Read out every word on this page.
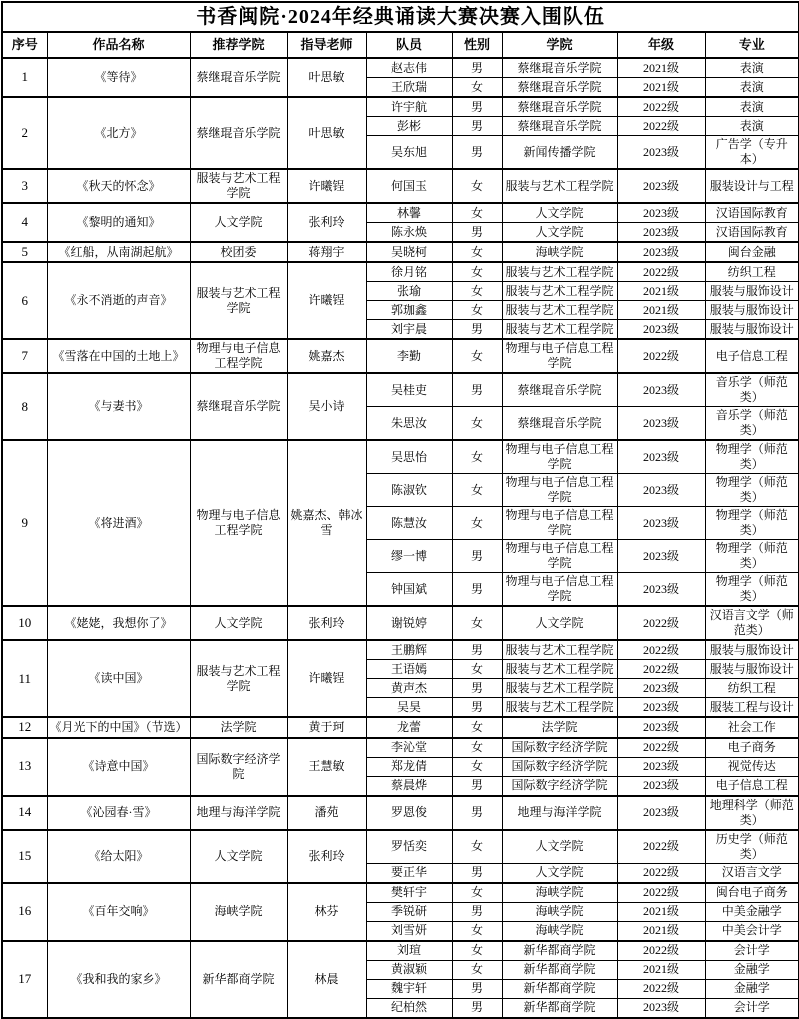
书香闽院·2024年经典诵读大赛决赛入围队伍								
序号	作品名称	推荐学院	指导老师	队员	性别	学院	年级	专业
1	《等待》	蔡继琨音乐学院	叶思敏	赵志伟	男	蔡继琨音乐学院	2021级	表演
				王欣瑞	女	蔡继琨音乐学院	2021级	表演
2	《北方》	蔡继琨音乐学院	叶思敏	许宇航	男	蔡继琨音乐学院	2022级	表演
				彭彬	男	蔡继琨音乐学院	2022级	表演
				吴东旭	男	新闻传播学院	2023级	广告学（专升本）
3	《秋天的怀念》	服装与艺术工程学院	许曦锃	何国玉	女	服装与艺术工程学院	2023级	服装设计与工程
4	《黎明的通知》	人文学院	张利玲	林馨	女	人文学院	2023级	汉语国际教育
				陈永焕	男	人文学院	2023级	汉语国际教育
5	《红船，从南湖起航》	校团委	蒋翔宇	吴晓柯	女	海峡学院	2023级	闽台金融
6	《永不消逝的声音》	服装与艺术工程学院	许曦锃	徐月铭	女	服装与艺术工程学院	2022级	纺织工程
				张瑜	女	服装与艺术工程学院	2021级	服装与服饰设计
				郭珈鑫	女	服装与艺术工程学院	2021级	服装与服饰设计
				刘宇晨	男	服装与艺术工程学院	2023级	服装与服饰设计
7	《雪落在中国的土地上》	物理与电子信息工程学院	姚嘉杰	李勤	女	物理与电子信息工程学院	2022级	电子信息工程
8	《与妻书》	蔡继琨音乐学院	吴小诗	吴桂吏	男	蔡继琨音乐学院	2023级	音乐学（师范类）
				朱思汝	女	蔡继琨音乐学院	2023级	音乐学（师范类）
9	《将进酒》	物理与电子信息工程学院	姚嘉杰、韩冰雪	吴思怡	女	物理与电子信息工程学院	2023级	物理学（师范类）
				陈淑钦	女	物理与电子信息工程学院	2023级	物理学（师范类）
				陈慧汝	女	物理与电子信息工程学院	2023级	物理学（师范类）
				缪一博	男	物理与电子信息工程学院	2023级	物理学（师范类）
				钟国斌	男	物理与电子信息工程学院	2023级	物理学（师范类）
10	《姥姥，我想你了》	人文学院	张利玲	谢锐婷	女	人文学院	2022级	汉语言文学（师范类）
11	《读中国》	服装与艺术工程学院	许曦锃	王鹏辉	男	服装与艺术工程学院	2022级	服装与服饰设计
				王语嫣	女	服装与艺术工程学院	2022级	服装与服饰设计
				黄声杰	男	服装与艺术工程学院	2023级	纺织工程
				吴昊	男	服装与艺术工程学院	2023级	服装工程与设计
12	《月光下的中国》（节选）	法学院	黄于珂	龙蕾	女	法学院	2023级	社会工作
13	《诗意中国》	国际数字经济学院	王慧敏	李沁堂	女	国际数字经济学院	2022级	电子商务
				郑龙倩	女	国际数字经济学院	2023级	视觉传达
				蔡晨烨	男	国际数字经济学院	2023级	电子信息工程
14	《沁园春·雪》	地理与海洋学院	潘苑	罗恩俊	男	地理与海洋学院	2023级	地理科学（师范类）
15	《给太阳》	人文学院	张利玲	罗恬奕	女	人文学院	2022级	历史学（师范类）
				要正华	男	人文学院	2022级	汉语言文学
16	《百年交响》	海峡学院	林芬	樊轩宇	女	海峡学院	2022级	闽台电子商务
				季锐研	男	海峡学院	2021级	中美金融学
				刘雪妍	女	海峡学院	2021级	中美会计学
17	《我和我的家乡》	新华都商学院	林晨	刘瑄	女	新华都商学院	2022级	会计学
				黄淑颖	女	新华都商学院	2021级	金融学
				魏宇轩	男	新华都商学院	2022级	金融学
				纪柏然	男	新华都商学院	2023级	会计学
